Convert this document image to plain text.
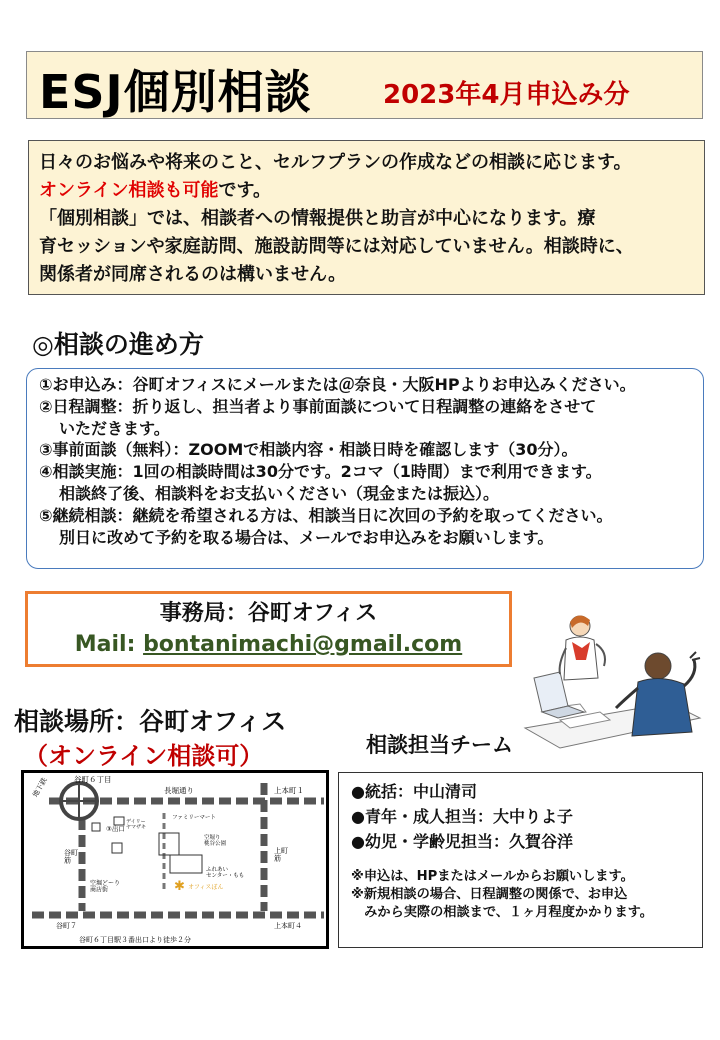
ESJ個別相談	2023年4月申込み分
日々のお悩みや将来のこと、セルフプランの作成などの相談に応じます。
オンライン相談も可能です。
「個別相談」では、相談者への情報提供と助言が中心になります。療
育セッションや家庭訪問、施設訪問等には対応していません。相談時に、
関係者が同席されるのは構いません。
◎相談の進め方
①お申込み：谷町オフィスにメールまたは＠奈良・大阪HPよりお申込みください。
②日程調整：折り返し、担当者より事前面談について日程調整の連絡をさせて
いただきます。
③事前面談（無料）：ZOOMで相談内容・相談日時を確認します（30分）。
④相談実施：1回の相談時間は30分です。2コマ（1時間）まで利用できます。
相談終了後、相談料をお支払いください（現金または振込）。
⑤継続相談：継続を希望される方は、相談当日に次回の予約を取ってください。
別日に改めて予約を取る場合は、メールでお申込みをお願いします。
事務局：谷町オフィス
Mail: bontanimachi@gmail.com
相談場所：谷町オフィス
（オンライン相談可）	相談担当チーム
✱
地下鉄	谷町６丁目
長堀通り	上本町１
③出口
デイリーヤマザキ
ファミリーマート
空堀り桃谷公園
ふれあいセンター・もも
谷町筋
上町筋
空堀どーり商店街	オフィスぼん
谷町７	上本町４
谷町６丁目駅３番出口より徒歩２分
●統括：中山清司
●青年・成人担当：大中りよ子
●幼児・学齢児担当：久賀谷洋
※申込は、HPまたはメールからお願いします。
※新規相談の場合、日程調整の関係で、お申込
　みから実際の相談まで、１ヶ月程度かかります。
